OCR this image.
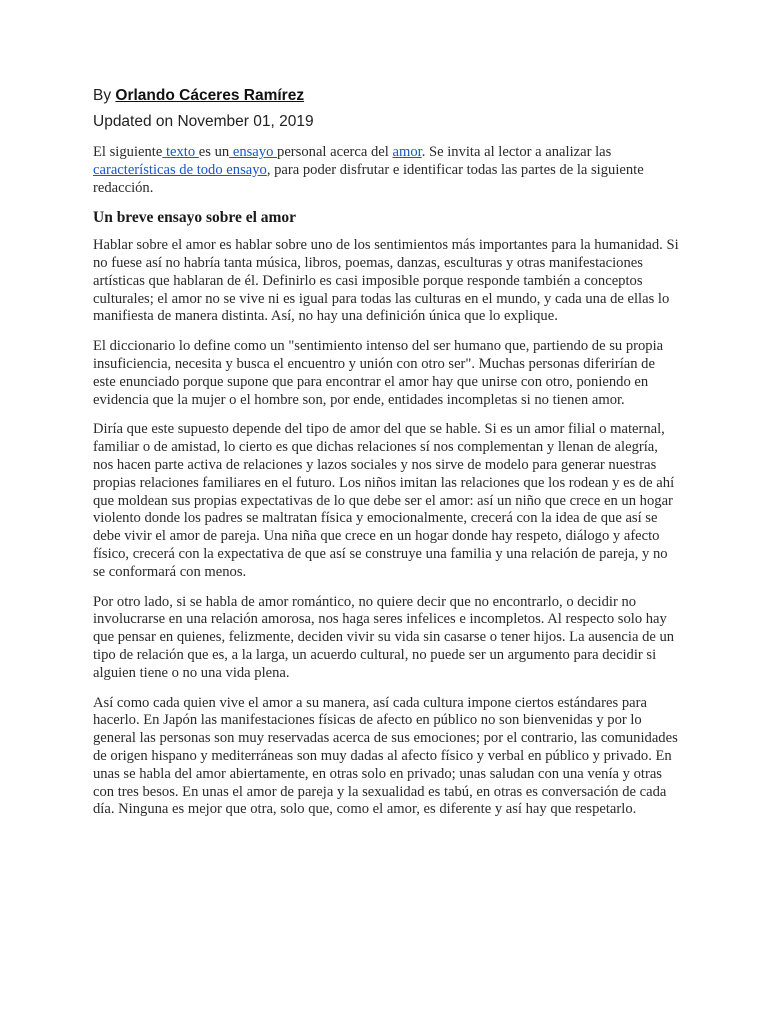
By Orlando Cáceres Ramírez
Updated on November 01, 2019

El siguiente texto es un ensayo personal acerca del amor. Se invita al lector a analizar las características de todo ensayo, para poder disfrutar e identificar todas las partes de la siguiente redacción.

Un breve ensayo sobre el amor

Hablar sobre el amor es hablar sobre uno de los sentimientos más importantes para la humanidad. Si no fuese así no habría tanta música, libros, poemas, danzas, esculturas y otras manifestaciones artísticas que hablaran de él. Definirlo es casi imposible porque responde también a conceptos culturales; el amor no se vive ni es igual para todas las culturas en el mundo, y cada una de ellas lo manifiesta de manera distinta. Así, no hay una definición única que lo explique.

El diccionario lo define como un "sentimiento intenso del ser humano que, partiendo de su propia insuficiencia, necesita y busca el encuentro y unión con otro ser". Muchas personas diferirían de este enunciado porque supone que para encontrar el amor hay que unirse con otro, poniendo en evidencia que la mujer o el hombre son, por ende, entidades incompletas si no tienen amor.

Diría que este supuesto depende del tipo de amor del que se hable. Si es un amor filial o maternal, familiar o de amistad, lo cierto es que dichas relaciones sí nos complementan y llenan de alegría, nos hacen parte activa de relaciones y lazos sociales y nos sirve de modelo para generar nuestras propias relaciones familiares en el futuro. Los niños imitan las relaciones que los rodean y es de ahí que moldean sus propias expectativas de lo que debe ser el amor: así un niño que crece en un hogar violento donde los padres se maltratan física y emocionalmente, crecerá con la idea de que así se debe vivir el amor de pareja. Una niña que crece en un hogar donde hay respeto, diálogo y afecto físico, crecerá con la expectativa de que así se construye una familia y una relación de pareja, y no se conformará con menos.

Por otro lado, si se habla de amor romántico, no quiere decir que no encontrarlo, o decidir no involucrarse en una relación amorosa, nos haga seres infelices e incompletos. Al respecto solo hay que pensar en quienes, felizmente, deciden vivir su vida sin casarse o tener hijos. La ausencia de un tipo de relación que es, a la larga, un acuerdo cultural, no puede ser un argumento para decidir si alguien tiene o no una vida plena.

Así como cada quien vive el amor a su manera, así cada cultura impone ciertos estándares para hacerlo. En Japón las manifestaciones físicas de afecto en público no son bienvenidas y por lo general las personas son muy reservadas acerca de sus emociones; por el contrario, las comunidades de origen hispano y mediterráneas son muy dadas al afecto físico y verbal en público y privado. En unas se habla del amor abiertamente, en otras solo en privado; unas saludan con una venía y otras con tres besos. En unas el amor de pareja y la sexualidad es tabú, en otras es conversación de cada día. Ninguna es mejor que otra, solo que, como el amor, es diferente y así hay que respetarlo.
